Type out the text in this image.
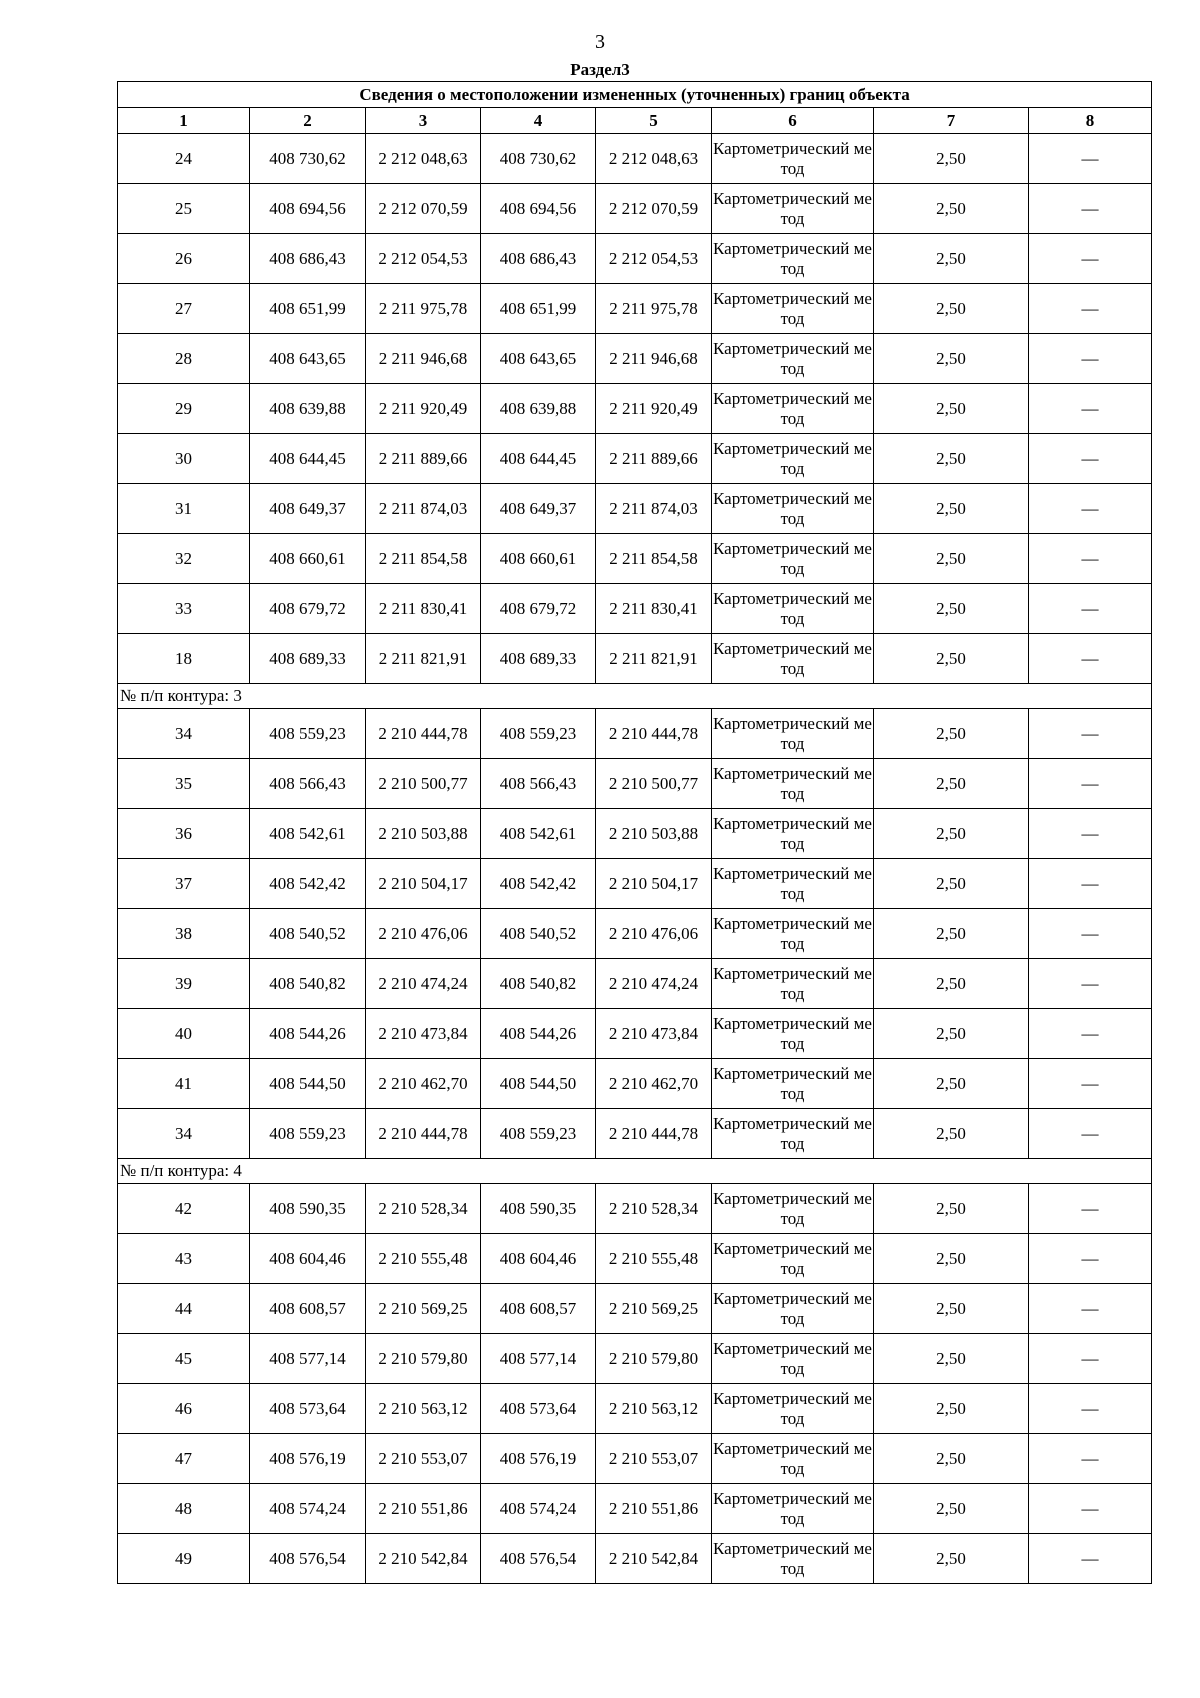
3
Раздел3
Сведения о местоположении измененных (уточненных) границ объекта							
1	2	3	4	5	6	7	8
24	408 730,62	2 212 048,63	408 730,62	2 212 048,63	Картометрический метод	2,50	—
25	408 694,56	2 212 070,59	408 694,56	2 212 070,59	Картометрический метод	2,50	—
26	408 686,43	2 212 054,53	408 686,43	2 212 054,53	Картометрический метод	2,50	—
27	408 651,99	2 211 975,78	408 651,99	2 211 975,78	Картометрический метод	2,50	—
28	408 643,65	2 211 946,68	408 643,65	2 211 946,68	Картометрический метод	2,50	—
29	408 639,88	2 211 920,49	408 639,88	2 211 920,49	Картометрический метод	2,50	—
30	408 644,45	2 211 889,66	408 644,45	2 211 889,66	Картометрический метод	2,50	—
31	408 649,37	2 211 874,03	408 649,37	2 211 874,03	Картометрический метод	2,50	—
32	408 660,61	2 211 854,58	408 660,61	2 211 854,58	Картометрический метод	2,50	—
33	408 679,72	2 211 830,41	408 679,72	2 211 830,41	Картометрический метод	2,50	—
18	408 689,33	2 211 821,91	408 689,33	2 211 821,91	Картометрический метод	2,50	—
№ п/п контура: 3							
34	408 559,23	2 210 444,78	408 559,23	2 210 444,78	Картометрический метод	2,50	—
35	408 566,43	2 210 500,77	408 566,43	2 210 500,77	Картометрический метод	2,50	—
36	408 542,61	2 210 503,88	408 542,61	2 210 503,88	Картометрический метод	2,50	—
37	408 542,42	2 210 504,17	408 542,42	2 210 504,17	Картометрический метод	2,50	—
38	408 540,52	2 210 476,06	408 540,52	2 210 476,06	Картометрический метод	2,50	—
39	408 540,82	2 210 474,24	408 540,82	2 210 474,24	Картометрический метод	2,50	—
40	408 544,26	2 210 473,84	408 544,26	2 210 473,84	Картометрический метод	2,50	—
41	408 544,50	2 210 462,70	408 544,50	2 210 462,70	Картометрический метод	2,50	—
34	408 559,23	2 210 444,78	408 559,23	2 210 444,78	Картометрический метод	2,50	—
№ п/п контура: 4							
42	408 590,35	2 210 528,34	408 590,35	2 210 528,34	Картометрический метод	2,50	—
43	408 604,46	2 210 555,48	408 604,46	2 210 555,48	Картометрический метод	2,50	—
44	408 608,57	2 210 569,25	408 608,57	2 210 569,25	Картометрический метод	2,50	—
45	408 577,14	2 210 579,80	408 577,14	2 210 579,80	Картометрический метод	2,50	—
46	408 573,64	2 210 563,12	408 573,64	2 210 563,12	Картометрический метод	2,50	—
47	408 576,19	2 210 553,07	408 576,19	2 210 553,07	Картометрический метод	2,50	—
48	408 574,24	2 210 551,86	408 574,24	2 210 551,86	Картометрический метод	2,50	—
49	408 576,54	2 210 542,84	408 576,54	2 210 542,84	Картометрический метод	2,50	—
